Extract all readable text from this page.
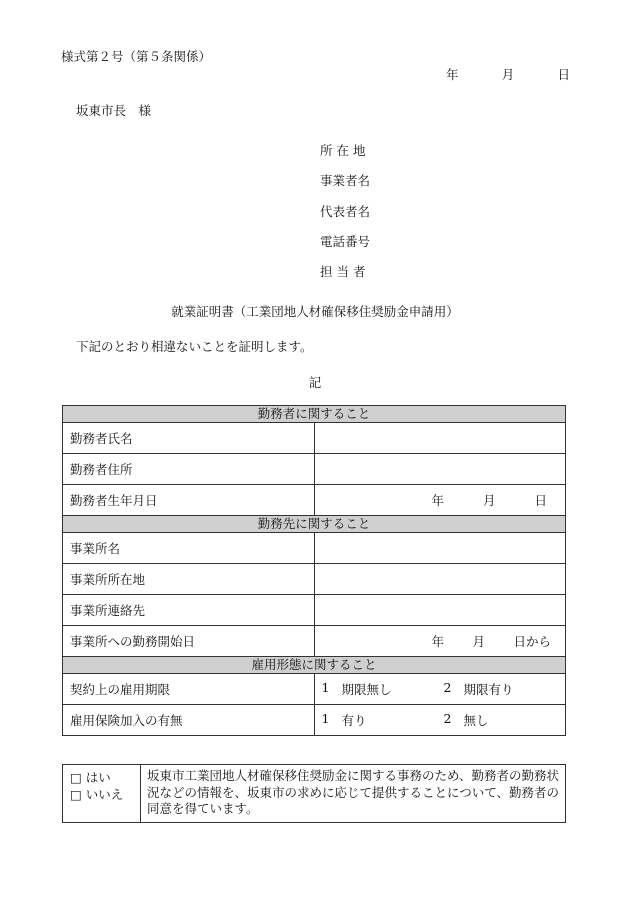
様式第２号（第５条関係）
年	月	日
坂東市長　様
所 在 地
事業者名
代表者名
電話番号
担 当 者
就業証明書（工業団地人材確保移住奨励金申請用）
下記のとおり相違ないことを証明します。
記
勤務者に関すること	
勤務者氏名	
勤務者住所	
勤務者生年月日	年 月 日

勤務先に関すること	
事業所名	
事業所所在地	
事業所連絡先	
事業所への勤務開始日	年 月 日から

雇用形態に関すること	
契約上の雇用期限	1 期限無し 2 期限有り

雇用保険加入の有無	1 有り 2 無し
□ はい
□ いいえ
	坂東市工業団地人材確保移住奨励金に関する事務のため、勤務者の勤務状況などの情報を、坂東市の求めに応じて提供することについて、勤務者の同意を得ています。
